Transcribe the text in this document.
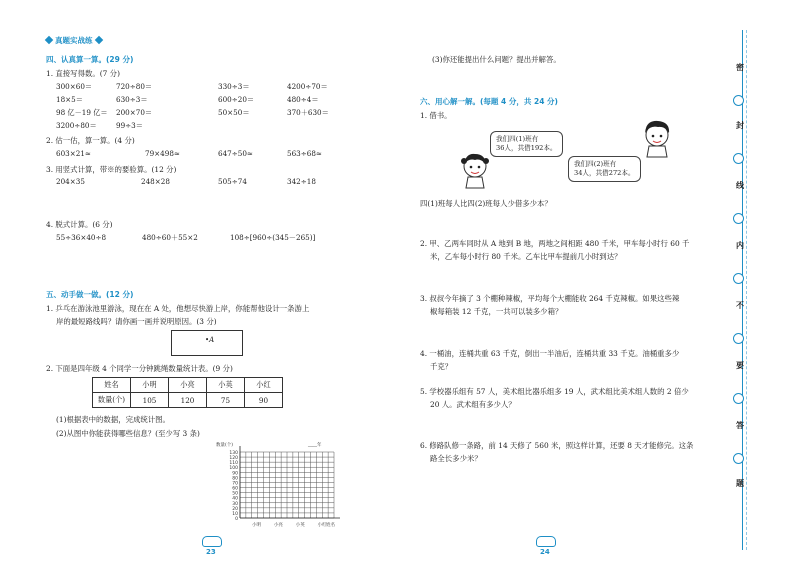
真题实战练
四、认真算一算。(29 分)
1. 直接写得数。(7 分)
300×60＝	720÷80＝	330÷3＝	4200÷70＝
18×5＝	630÷3＝	600÷20＝	480÷4＝
98 亿－19 亿＝ 200×70＝	50×50＝	370＋630＝
3200÷80＝	99÷3＝
2. 估一估，算一算。(4 分)
603×21≈	79×498≈	647÷50≈	563÷68≈
3. 用竖式计算，带※的要验算。(12 分)
204×35	248×28	505÷74	342÷18
4. 脱式计算。(6 分)
55÷36×40÷8	480÷60＋55×2	108÷[960÷(345－265)]
五、动手做一做。(12 分)
1. 乒乓在游泳池里游泳，现在在 A 处，他想尽快游上岸，你能帮他设计一条游上
岸的最短路线吗？请你画一画并说明原因。(3 分)
•A
2. 下面是四年级 4 个同学一分钟跳绳数量统计表。(9 分)
姓名	小明	小亮	小英	小红
数量(个)	105	120	75	90
(1)根据表中的数据，完成统计图。
(2)从图中你能获得哪些信息？(至少写 3 条)
0
10
20
30
40
50
60
70
80
90
100
110
120
130
数量(个)	____年
小明	小亮	小英	小红 姓名
23
(3)你还能提出什么问题？提出并解答。
六、用心解一解。(每题 4 分，共 24 分)
1. 借书。
我们四(1)班有
36人，共借192本。
我们四(2)班有
34人，共借272本。
四(1)班每人比四(2)班每人少借多少本？
2. 甲、乙两车同时从 A 地到 B 地，两地之间相距 480 千米，甲车每小时行 60 千
米，乙车每小时行 80 千米。乙车比甲车提前几小时到达？
3. 叔叔今年摘了 3 个棚种辣椒，平均每个大棚能收 264 千克辣椒。如果这些辣
椒每箱装 12 千克，一共可以装多少箱？
4. 一桶油，连桶共重 63 千克，倒出一半油后，连桶共重 33 千克。油桶重多少
千克？
5. 学校器乐组有 57 人，美术组比器乐组多 19 人，武术组比美术组人数的 2 倍少
20 人。武术组有多少人？
6. 修路队修一条路，前 14 天修了 560 米，照这样计算，还要 8 天才能修完。这条
路全长多少米？
24
密
封
线
内
不
要
答
题
